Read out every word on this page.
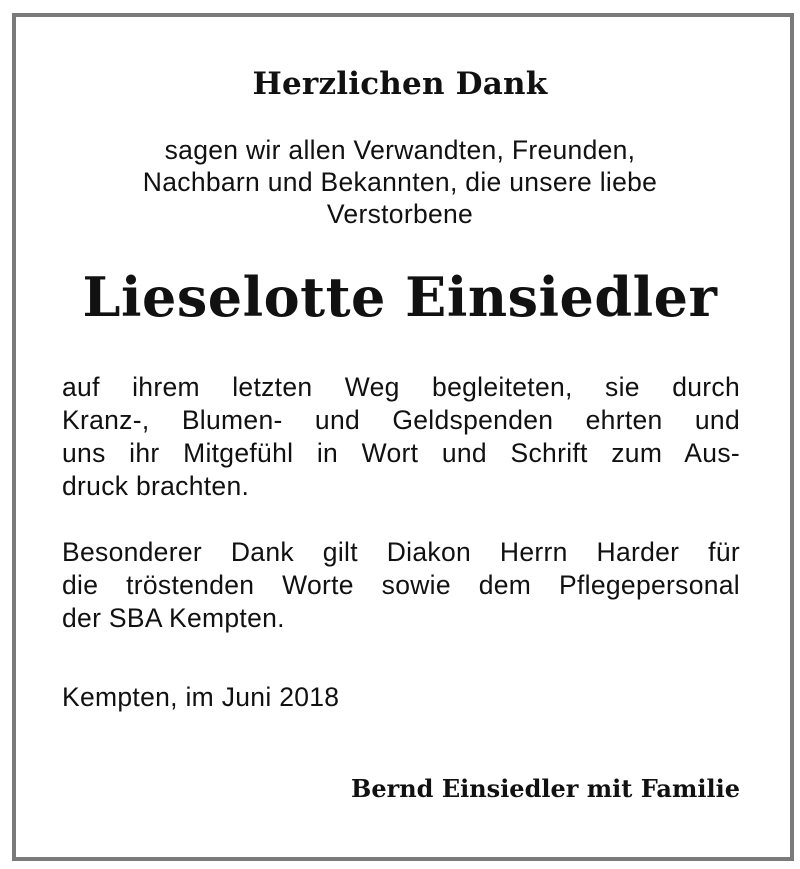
Herzlichen Dank
sagen wir allen Verwandten, Freunden,
Nachbarn und Bekannten, die unsere liebe
Verstorbene
Lieselotte Einsiedler
auf ihrem letzten Weg begleiteten, sie durch
Kranz-, Blumen- und Geldspenden ehrten und
uns ihr Mitgefühl in Wort und Schrift zum Aus-
druck brachten.
Besonderer Dank gilt Diakon Herrn Harder für
die tröstenden Worte sowie dem Pflegepersonal
der SBA Kempten.
Kempten, im Juni 2018
Bernd Einsiedler mit Familie
